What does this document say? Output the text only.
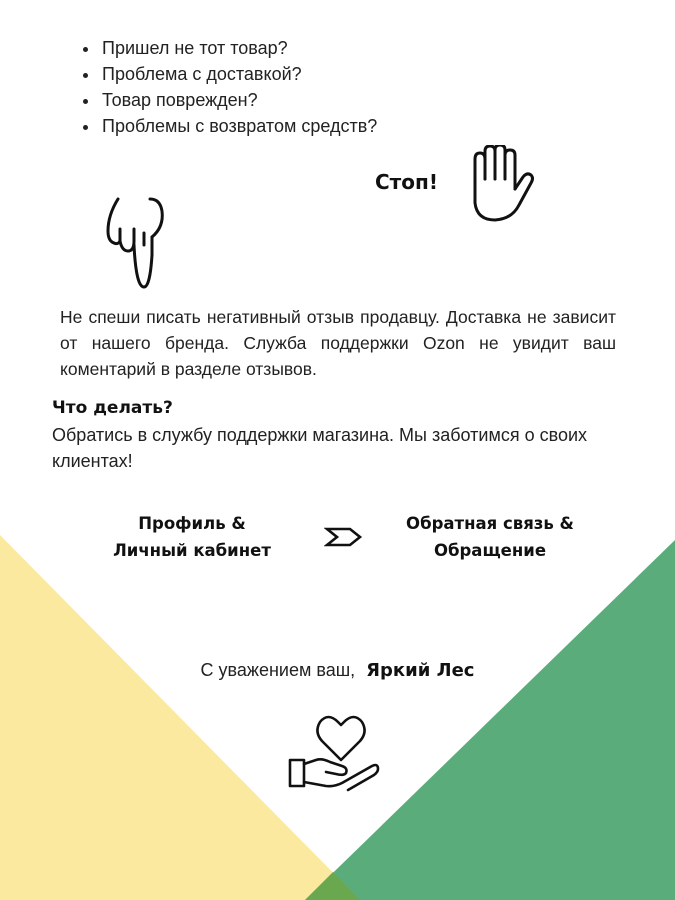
• Пришел не тот товар?
• Проблема с доставкой?
• Товар поврежден?
• Проблемы с возвратом средств?
Стоп!

Не спеши писать негативный отзыв продавцу. Доставка не зависит от нашего бренда. Служба поддержки Ozon не увидит ваш коментарий в разделе отзывов.

Что делать?

Обратись в службу поддержки магазина. Мы заботимся о своих клиентах!

Профиль &
Личный кабинет
Обратная связь &
Обращение
С уважением ваш, Яркий Лес
